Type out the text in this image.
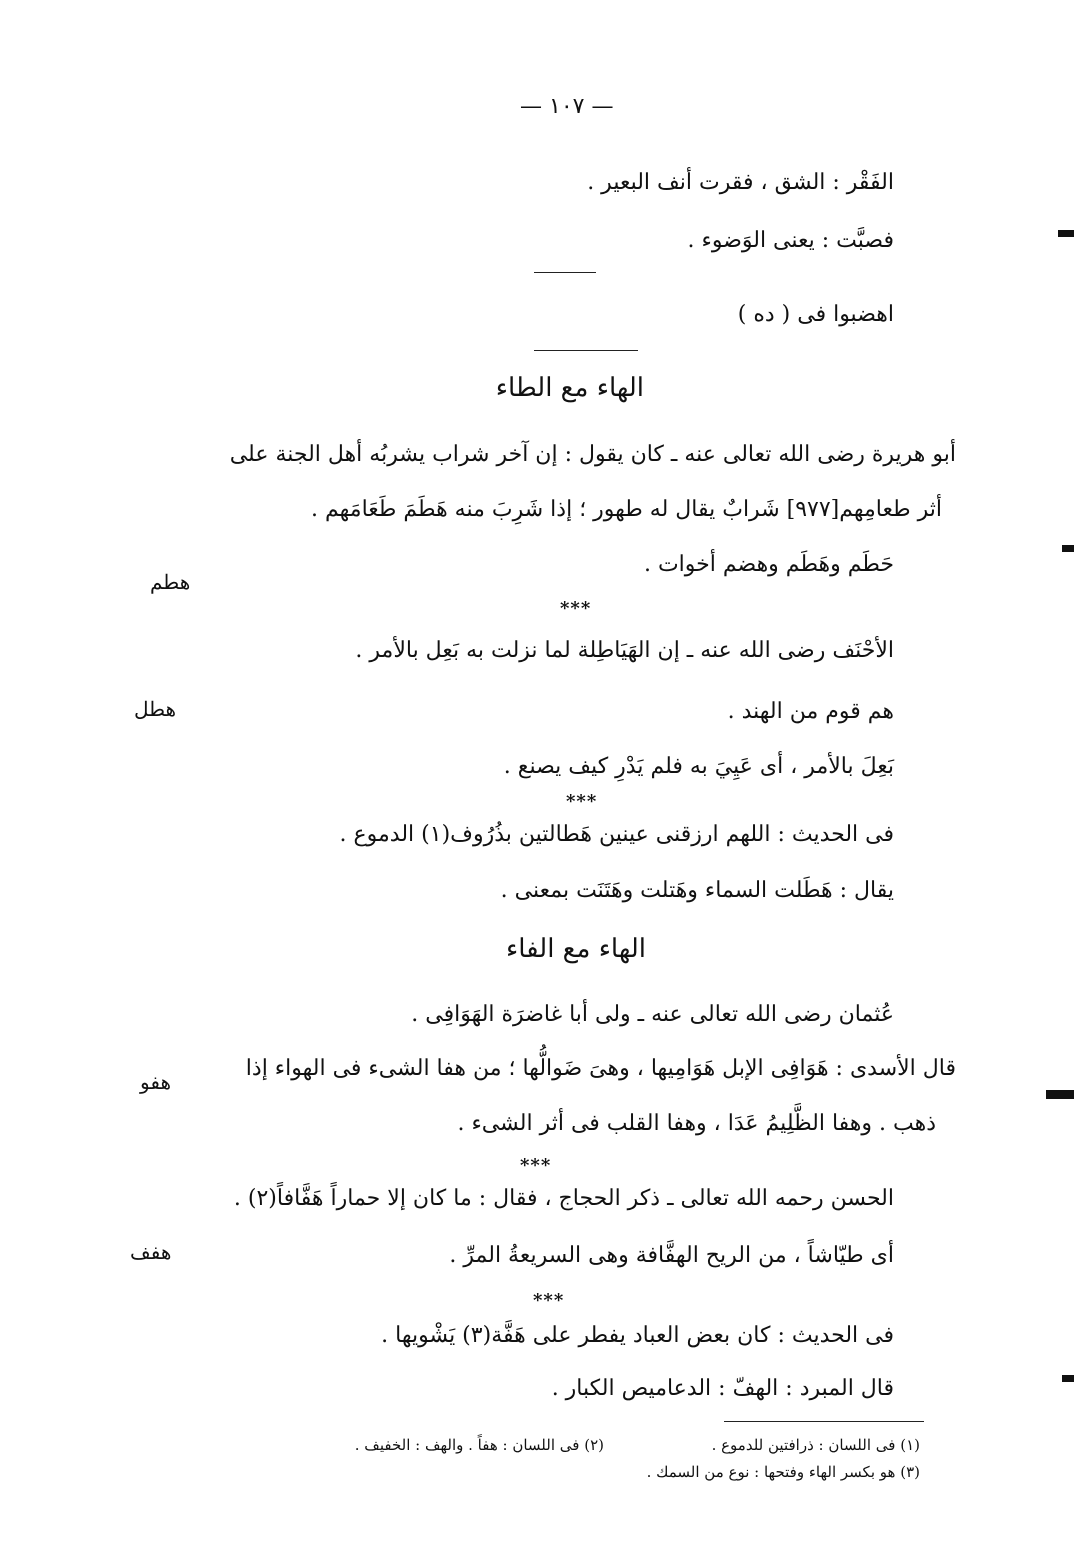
— ١٠٧ —
الفَقْر : الشق ، فقرت أنف البعير .
فصبَّت : يعنى الوَضوء .
اهضبوا فى ( ده )
الهاء مع الطاء
أبو هريرة رضى الله تعالى عنه ـ كان يقول : إن آخر شراب يشربُه أهل الجنة على
أثر طعامِهم[٩٧٧] شَرابٌ يقال له طهور ؛ إذا شَرِبَ منه هَطَمَ طَعَامَهم .
حَطَم وهَطَم وهضم أخوات .
***
الأحْنَف رضى الله عنه ـ إن الهَيَاطِلة لما نزلت به بَعِل بالأمر .
هم قوم من الهند .
بَعِلَ بالأمر ، أى عَيِيَ به فلم يَدْرِ كيف يصنع .
***
فى الحديث : اللهم ارزقنى عينين هَطالتين بذُرُوف(١) الدموع .
يقال : هَطَلت السماء وهَتلت وهَتَنَت بمعنى .
الهاء مع الفاء
عُثمان رضى الله تعالى عنه ـ ولى أبا غاضرَة الهَوَافِى .
قال الأسدى : هَوَافِى الإبل هَوَامِيها ، وهىَ ضَوالُّها ؛ من هفا الشىء فى الهواء إذا
ذهب . وهفا الظَّلِيمُ عَدَا ، وهفا القلب فى أثر الشىء .
***
الحسن رحمه الله تعالى ـ ذكر الحجاج ، فقال : ما كان إلا حماراً هَفَّافاً(٢) .
أى طيّاشاً ، من الريح الهفَّافة وهى السريعةُ المرِّ .
***
فى الحديث : كان بعض العباد يفطر على هَفَّة(٣) يَشْويها .
قال المبرد : الهفّ : الدعاميص الكبار .
هطم
هطل
هفو
هفف
(١) فى اللسان : ذرافتين للدموع .
(٢) فى اللسان : هفاً . والهف : الخفيف .
(٣) هو بكسر الهاء وفتحها : نوع من السمك .
